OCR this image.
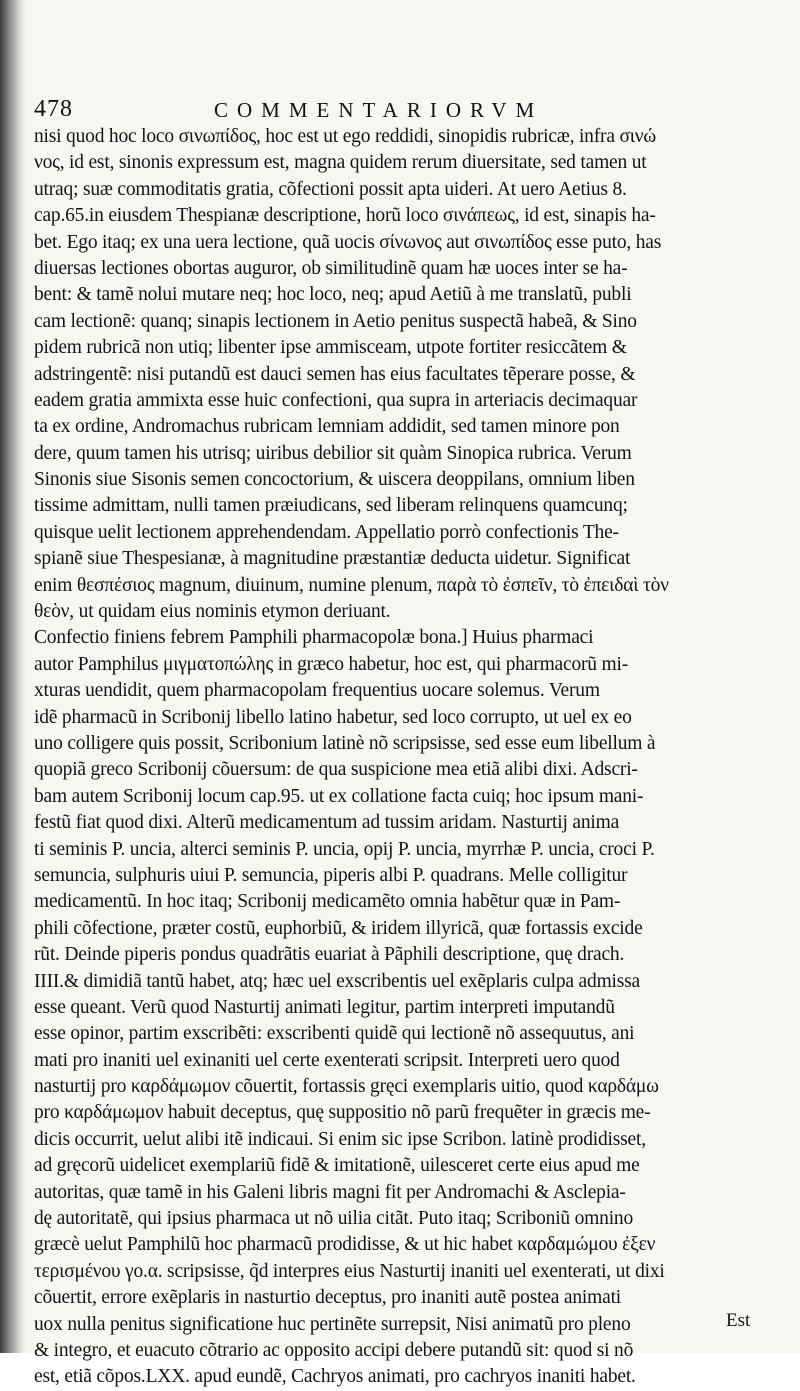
478	COMMENTARIORVM
nisi quod hoc loco σινωπίδος, hoc est ut ego reddidi, sinopidis rubricæ, infra σινώ
νος, id est, sinonis expressum est, magna quidem rerum diuersitate, sed tamen ut
utraq; suæ commoditatis gratia, cõfectioni possit apta uideri. At uero Aetius 8.
cap.65.in eiusdem Thespianæ descriptione, horũ loco σινάπεως, id est, sinapis ha-
bet. Ego itaq; ex una uera lectione, quã uocis σίνωνος aut σινωπίδος esse puto, has
diuersas lectiones obortas auguror, ob similitudinẽ quam hæ uoces inter se ha-
bent: & tamẽ nolui mutare neq; hoc loco, neq; apud Aetiũ à me translatũ, publi
cam lectionẽ: quanq; sinapis lectionem in Aetio penitus suspectã habeã, & Sino
pidem rubricã non utiq; libenter ipse ammiscеam, utpote fortiter resiccãtem &
adstringentẽ: nisi putandũ est dauci semen has eius facultates tẽperare posse, &
eadem gratia ammixta esse huic confectioni, qua supra in arteriacis decimaquar
ta ex ordine, Andromachus rubricam lemniam addidit, sed tamen minore pon
dere, quum tamen his utrisq; uiribus debilior sit quàm Sinopica rubrica. Verum
Sinonis siue Sisonis semen concoctorium, & uiscera deoppilans, omnium liben
tissime admittam, nulli tamen præiudicans, sed liberam relinquens quamcunq;
quisque uelit lectionem apprehendendam. Appellatio porrò confectionis The-
spianẽ siue Thespesianæ, à magnitudine præstantiæ deducta uidetur. Significat
enim θεσπέσιος magnum, diuinum, numine plenum, παρὰ τὸ ἐσπεῖν, τὸ ἐπειδαὶ τὸν
θεὸν, ut quidam eius nominis etymon deriuant.
Confectio finiens febrem Pamphili pharmacopolæ bona.] Huius pharmaci
autor Pamphilus μιγματοπώλης in græco habetur, hoc est, qui pharmacorũ mi-
xturas uendidit, quem pharmacopolam frequentius uocare solemus. Verum
idẽ pharmacũ in Scribonij libello latino habetur, sed loco corrupto, ut uel ex eo
uno colligere quis possit, Scribonium latinè nõ scripsisse, sed esse eum libellum à
quopiã greco Scribonij cõuersum: de qua suspicione mea etiã alibi dixi. Adscri-
bam autem Scribonij locum cap.95. ut ex collatione facta cuiq; hoc ipsum mani-
festũ fiat quod dixi. Alterũ medicamentum ad tussim aridam. Nasturtij anima
ti seminis P. uncia, alterci seminis P. uncia, opij P. uncia, myrrhæ P. uncia, croci P.
semuncia, sulphuris uiui P. semuncia, piperis albi P. quadrans. Melle colligitur
medicamentũ. In hoc itaq; Scribonij medicamẽto omnia habẽtur quæ in Pam-
phili cõfectione, præter costũ, euphorbiũ, & iridem illyricã, quæ fortassis excide
rũt. Deinde piperis pondus quadrãtis euariat à Pãphili descriptione, quę drach.
IIII.& dimidiã tantũ habet, atq; hæc uel exscribentis uel exẽplaris culpa admissa
esse queant. Verũ quod Nasturtij animati legitur, partim interpreti imputandũ
esse opinor, partim exscribẽti: exscribenti quidẽ qui lectionẽ nõ assequutus, ani
mati pro inaniti uel exinaniti uel certe exenterati scripsit. Interpreti uero quod
nasturtij pro καρδάμωμον cõuertit, fortassis gręci exemplaris uitio, quod καρδάμω
pro καρδάμωμον habuit deceptus, quę suppositio nõ parũ frequẽter in græcis me-
dicis occurrit, uelut alibi itẽ indicaui. Si enim sic ipse Scribon. latinè prodidisset,
ad gręcorũ uidelicet exemplariũ fidẽ & imitationẽ, uilesceret certe eius apud me
autoritas, quæ tamẽ in his Galeni libris magni fit per Andromachi & Asclepia-
dę autoritatẽ, qui ipsius pharmaca ut nõ uilia citãt. Puto itaq; Scriboniũ omnino
græcè uelut Pamphilũ hoc pharmacũ prodidisse, & ut hic habet καρδαμώμου ἐξεν
τερισμένου γο.α. scripsisse, q̃d interpres eius Nasturtij inaniti uel exenterati, ut dixi
cõuertit, errore exẽplaris in nasturtio deceptus, pro inaniti autẽ postea animati
uox nulla penitus significatione huc pertinẽte surrepsit, Nisi animatũ pro pleno
& integro, et euacuto cõtrario ac opposito accipi debere putandũ sit: quod si nõ
est, etiã cõpos.LXX. apud eundẽ, Cachryos animati, pro cachryos inaniti habet.
Est
